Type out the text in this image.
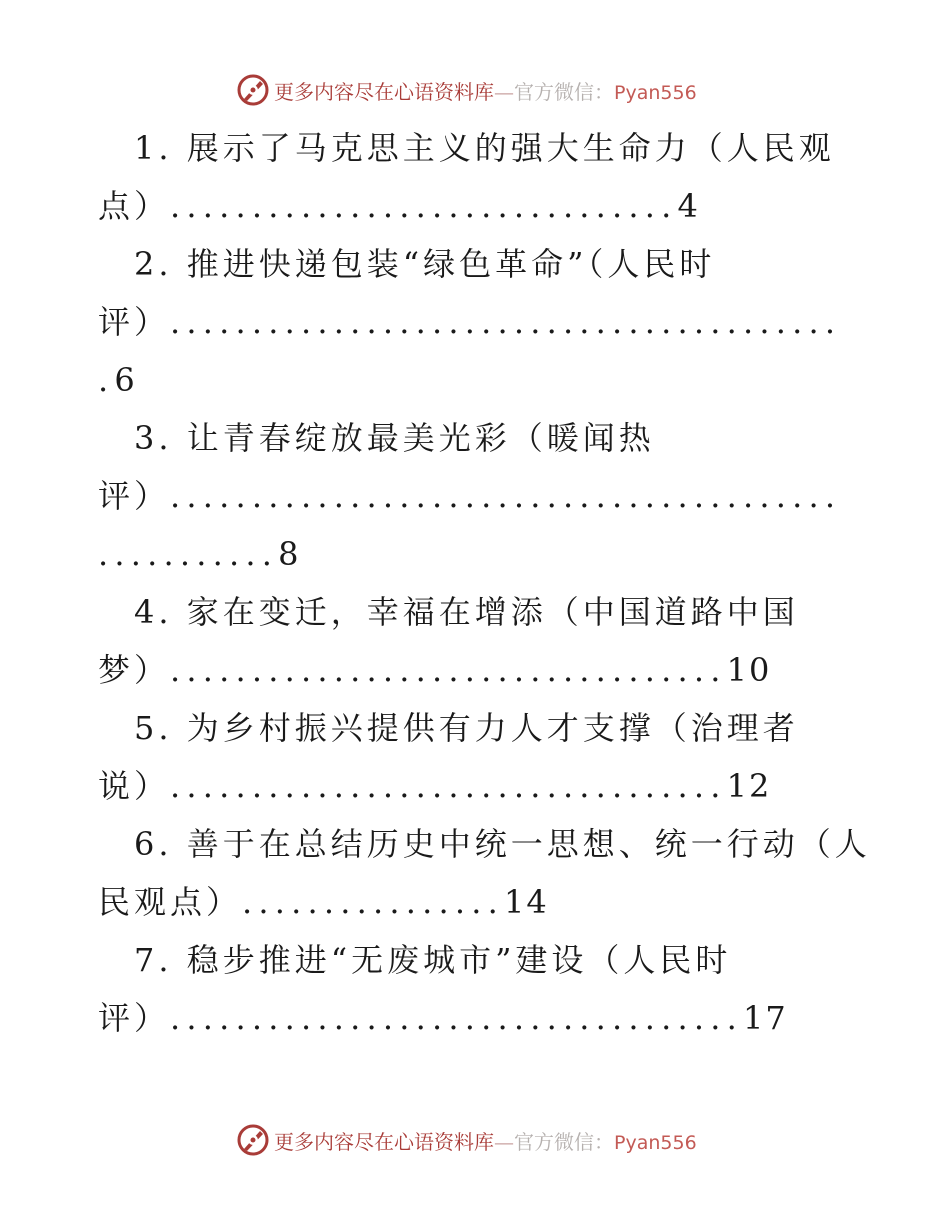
更多内容尽在心语资料库—官方微信：Pyan556
1. 展示了马克思主义的强大生命力（人民观
点）...............................4
2. 推进快递包装“绿色革命”（人民时
评）.........................................
.6
3. 让青春绽放最美光彩（暖闻热
评）.........................................
...........8
4. 家在变迁，幸福在增添（中国道路中国
梦）..................................10
5. 为乡村振兴提供有力人才支撑（治理者
说）..................................12
6. 善于在总结历史中统一思想、统一行动（人
民观点）................14
7. 稳步推进“无废城市”建设（人民时
评）...................................17
更多内容尽在心语资料库—官方微信：Pyan556
